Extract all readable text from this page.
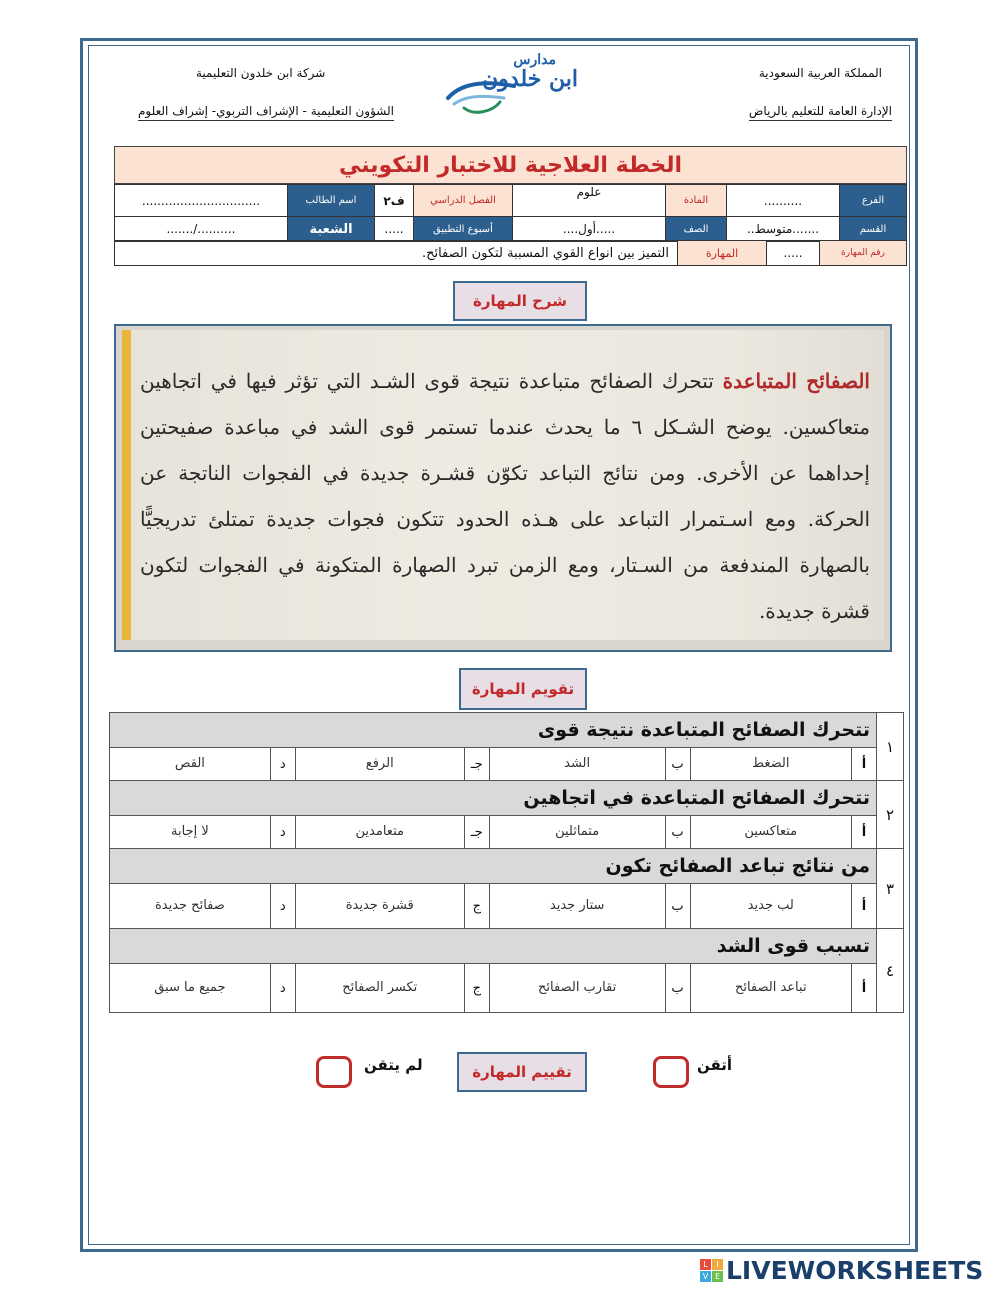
المملكة العربية السعودية
الإدارة العامة للتعليم بالرياض
شركة ابن خلدون التعليمية
الشؤون التعليمية - الإشراف التربوي- إشراف العلوم
مدارس
ابن خلدون
الخطة العلاجية للاختبار التكويني
الفرع	..........	المادة	علوم	الفصل الدراسي	ف٢	اسم الطالب	...............................
القسم	.......متوسط..	الصف	.....أول....	أسبوع التطبيق	.....	الشعبة	........../.......
رقم المهارة	.....	المهارة	التميز بين انواع القوي المسببة لتكون الصفائح.
شرح المهارة
الصفائح المتباعدة تتحرك الصفائح متباعدة نتيجة قوى الشـد التي تؤثر فيها في اتجاهين متعاكسين. يوضح الشـكل ٦ ما يحدث عندما تستمر قوى الشد في مباعدة صفيحتين إحداهما عن الأخرى. ومن نتائج التباعد تكوّن قشـرة جديدة في الفجوات الناتجة عن الحركة. ومع اسـتمرار التباعد على هـذه الحدود تتكون فجوات جديدة تمتلئ تدريجيًّا بالصهارة المندفعة من السـتار، ومع الزمن تبرد الصهارة المتكونة في الفجوات لتكون قشرة جديدة.
تقويم المهارة
١	تتحرك الصفائح المتباعدة نتيجة قوى							
	أ	الضغط	ب	الشد	جـ	الرفع	د	القص
٢	تتحرك الصفائح المتباعدة في اتجاهين							
	أ	متعاكسين	ب	متماثلين	جـ	متعامدين	د	لا إجابة
٣	من نتائج تباعد الصفائح تكون							
	أ	لب جديد	ب	ستار جديد	ج	قشرة جديدة	د	صفائح جديدة
٤	تسبب قوى الشد							
	أ	تباعد الصفائح	ب	تقارب الصفائح	ج	تكسر الصفائح	د	جميع ما سبق
أتقن
تقييم المهارة
لم يتقن
L	I
V E LIVEWORKSHEETS
